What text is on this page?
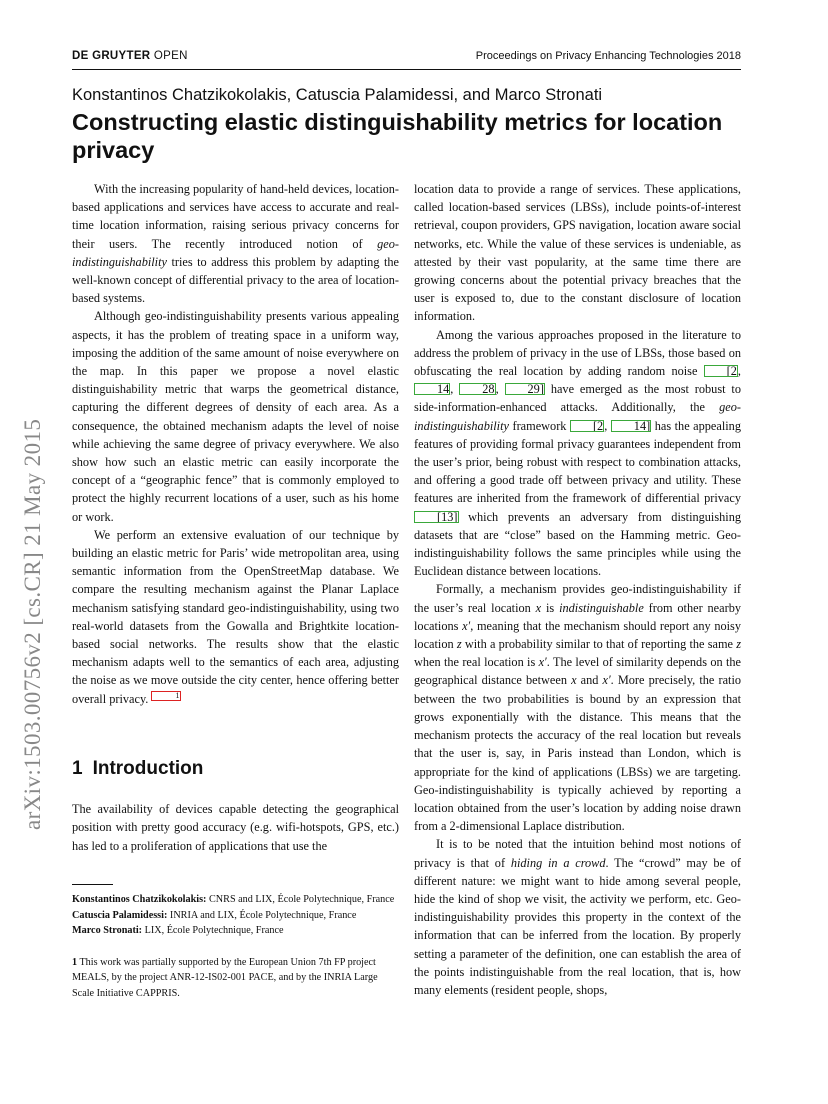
DE GRUYTER OPEN	Proceedings on Privacy Enhancing Technologies 2018
Konstantinos Chatzikokolakis, Catuscia Palamidessi, and Marco Stronati
Constructing elastic distinguishability metrics for location privacy
arXiv:1503.00756v2 [cs.CR] 21 May 2015

With the increasing popularity of hand-held devices, location-based applications and services have access to accurate and real-time location information, raising serious privacy concerns for their users. The recently introduced notion of geo-indistinguishability tries to address this problem by adapting the well-known concept of differential privacy to the area of location-based systems.

Although geo-indistinguishability presents various appealing aspects, it has the problem of treating space in a uniform way, imposing the addition of the same amount of noise everywhere on the map. In this paper we propose a novel elastic distinguishability metric that warps the geometrical distance, capturing the different degrees of density of each area. As a consequence, the obtained mechanism adapts the level of noise while achieving the same degree of privacy everywhere. We also show how such an elastic metric can easily incorporate the concept of a “geographic fence” that is commonly employed to protect the highly recurrent locations of a user, such as his home or work.

We perform an extensive evaluation of our technique by building an elastic metric for Paris’ wide metropolitan area, using semantic information from the OpenStreetMap database. We compare the resulting mechanism against the Planar Laplace mechanism satisfying standard geo-indistinguishability, using two real-world datasets from the Gowalla and Brightkite location-based social networks. The results show that the elastic mechanism adapts well to the semantics of each area, adjusting the noise as we move outside the city center, hence offering better overall privacy.	1

1 Introduction

The availability of devices capable detecting the geographical position with pretty good accuracy (e.g. wifi-hotspots, GPS, etc.) has led to a proliferation of applications that use the

location data to provide a range of services. These applications, called location-based services (LBSs), include points-of-interest retrieval, coupon providers, GPS navigation, location aware social networks, etc. While the value of these services is undeniable, as attested by their vast popularity, at the same time there are growing concerns about the potential privacy breaches that the user is exposed to, due to the constant disclosure of location information.

Among the various approaches proposed in the literature to address the problem of privacy in the use of LBSs, those based on obfuscating the real location by adding random noise [2, 14, 28, 29] have emerged as the most robust to side-information-enhanced attacks. Additionally, the geo-indistinguishability framework [2, 14] has the appealing features of providing formal privacy guarantees independent from the user’s prior, being robust with respect to combination attacks, and offering a good trade off between privacy and utility. These features are inherited from the framework of differential privacy [13] which prevents an adversary from distinguishing datasets that are “close” based on the Hamming metric. Geo-indistinguishability follows the same principles while using the Euclidean distance between locations.

Formally, a mechanism provides geo-indistinguishability if the user’s real location x is indistinguishable from other nearby locations x′, meaning that the mechanism should report any noisy location z with a probability similar to that of reporting the same z when the real location is x′. The level of similarity depends on the geographical distance between x and x′. More precisely, the ratio between the two probabilities is bound by an expression that grows exponentially with the distance. This means that the mechanism protects the accuracy of the real location but reveals that the user is, say, in Paris instead than London, which is appropriate for the kind of applications (LBSs) we are targeting. Geo-indistinguishability is typically achieved by reporting a location obtained from the user’s location by adding noise drawn from a 2-dimensional Laplace distribution.

It is to be noted that the intuition behind most notions of privacy is that of hiding in a crowd. The “crowd” may be of different nature: we might want to hide among several people, hide the kind of shop we visit, the activity we perform, etc. Geo-indistinguishability provides this property in the context of the information that can be inferred from the location. By properly setting a parameter of the definition, one can establish the area of the points indistinguishable from the real location, that is, how many elements (resident people, shops,

Konstantinos Chatzikokolakis: CNRS and LIX, École Polytechnique, France

Catuscia Palamidessi: INRIA and LIX, École Polytechnique, France

Marco Stronati: LIX, École Polytechnique, France

1 This work was partially supported by the European Union 7th FP project MEALS, by the project ANR-12-IS02-001 PACE, and by the INRIA Large Scale Initiative CAPPRIS.
